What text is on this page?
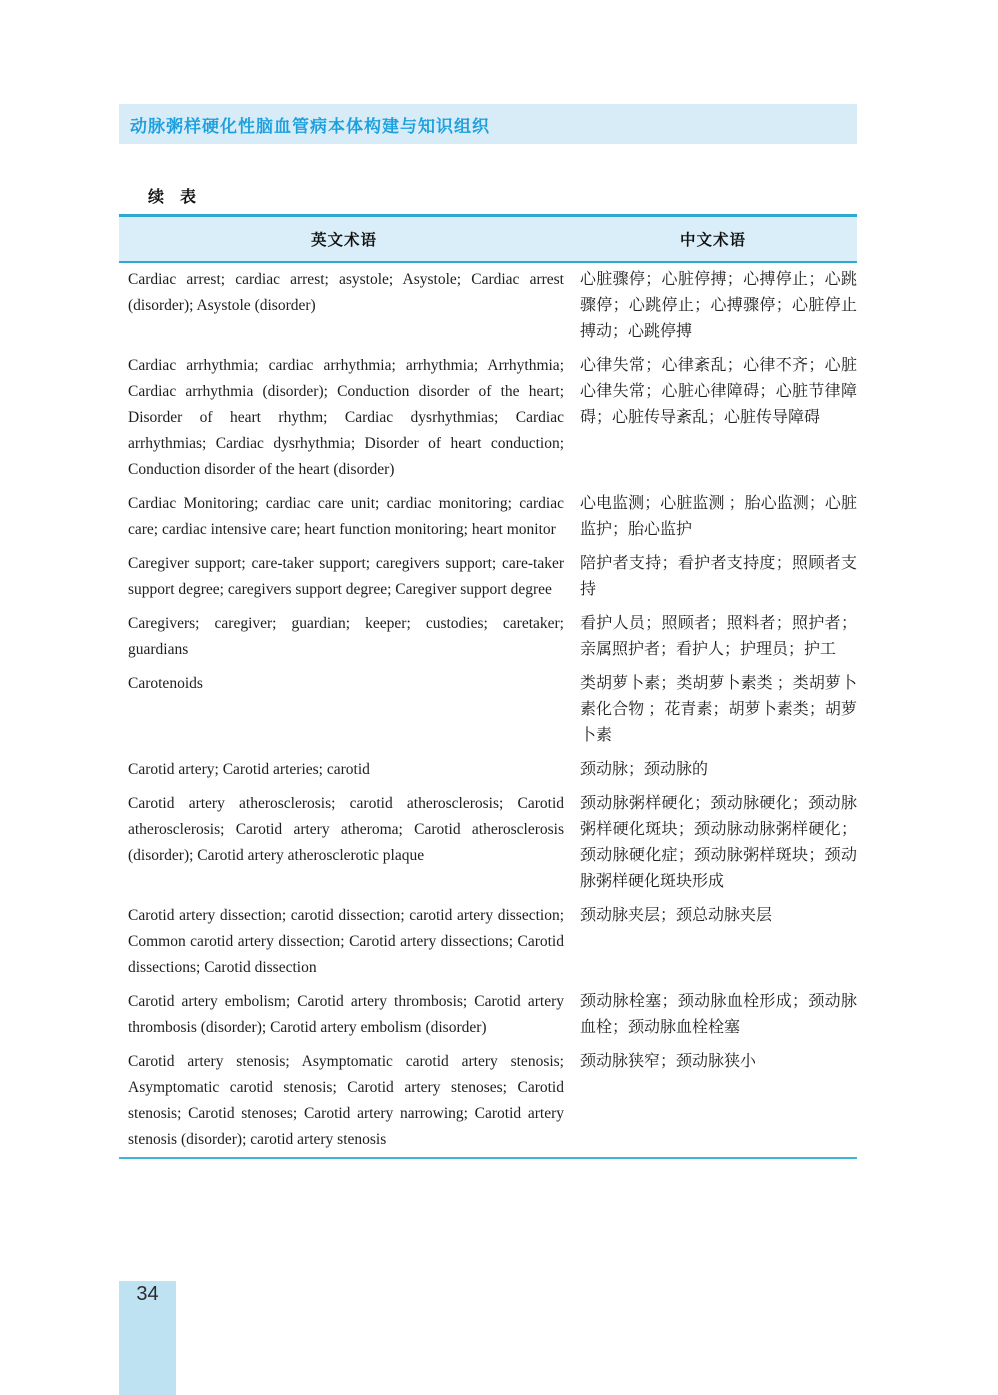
动脉粥样硬化性脑血管病本体构建与知识组织
续　表
英文术语	中文术语
Cardiac arrest; cardiac arrest; asystole; Asystole; Cardiac arrest (disorder); Asystole (disorder)	心脏骤停；心脏停搏；心搏停止；心跳骤停；心跳停止；心搏骤停；心脏停止搏动；心跳停搏
Cardiac arrhythmia; cardiac arrhythmia; arrhythmia; Arrhythmia; Cardiac arrhythmia (disorder); Conduction disorder of the heart; Disorder of heart rhythm; Cardiac dysrhythmias; Cardiac arrhythmias; Cardiac dysrhythmia; Disorder of heart conduction; Conduction disorder of the heart (disorder)	心律失常；心律紊乱；心律不齐；心脏心律失常；心脏心律障碍；心脏节律障碍；心脏传导紊乱；心脏传导障碍
Cardiac Monitoring; cardiac care unit; cardiac monitoring; cardiac care; cardiac intensive care; heart function monitoring; heart monitor	心电监测；心脏监测 ；胎心监测；心脏监护；胎心监护
Caregiver support; care-taker support; caregivers support; care-taker support degree; caregivers support degree; Caregiver support degree	陪护者支持；看护者支持度；照顾者支持
Caregivers; caregiver; guardian; keeper; custodies; caretaker; guardians	看护人员；照顾者；照料者；照护者；亲属照护者；看护人；护理员；护工
Carotenoids	类胡萝卜素；类胡萝卜素类 ；类胡萝卜素化合物 ；花青素；胡萝卜素类；胡萝卜素
Carotid artery; Carotid arteries; carotid	颈动脉；颈动脉的
Carotid artery atherosclerosis; carotid atherosclerosis; Carotid atherosclerosis; Carotid artery atheroma; Carotid atherosclerosis (disorder); Carotid artery atherosclerotic plaque	颈动脉粥样硬化；颈动脉硬化；颈动脉粥样硬化斑块；颈动脉动脉粥样硬化；颈动脉硬化症；颈动脉粥样斑块；颈动脉粥样硬化斑块形成
Carotid artery dissection; carotid dissection; carotid artery dissection; Common carotid artery dissection; Carotid artery dissections; Carotid dissections; Carotid dissection	颈动脉夹层；颈总动脉夹层
Carotid artery embolism; Carotid artery thrombosis; Carotid artery thrombosis (disorder); Carotid artery embolism (disorder)	颈动脉栓塞；颈动脉血栓形成；颈动脉血栓；颈动脉血栓栓塞
Carotid artery stenosis; Asymptomatic carotid artery stenosis; Asymptomatic carotid stenosis; Carotid artery stenoses; Carotid stenosis; Carotid stenoses; Carotid artery narrowing; Carotid artery stenosis (disorder); carotid artery stenosis	颈动脉狭窄；颈动脉狭小
34
